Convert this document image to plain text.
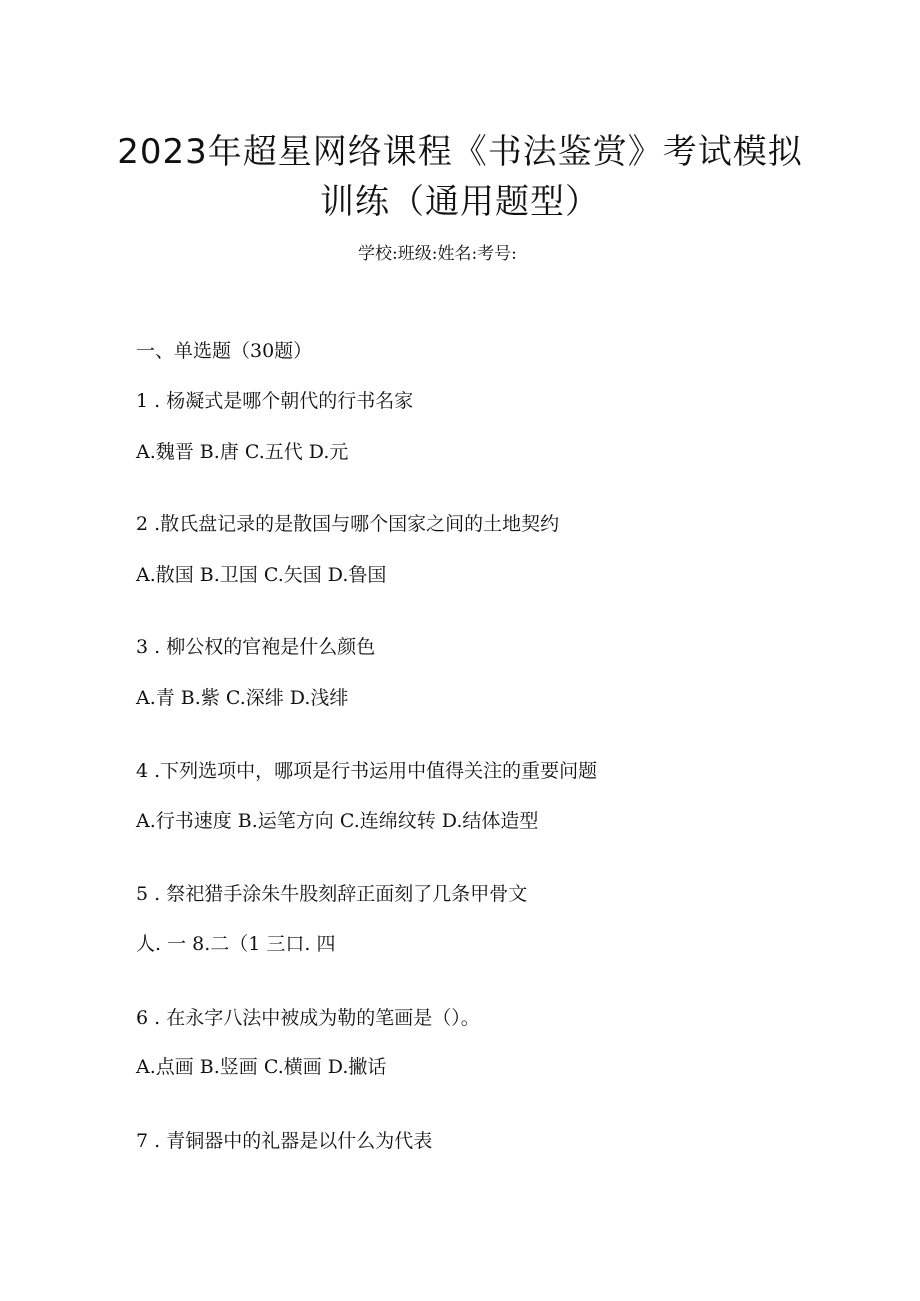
2023年超星网络课程《书法鉴赏》考试模拟
训练（通用题型）
学校:班级:姓名:考号:
一、单选题（30题）
1 . 杨凝式是哪个朝代的行书名家
A.魏晋 B.唐 C.五代 D.元
2 .散氏盘记录的是散国与哪个国家之间的土地契约
A.散国 B.卫国 C.矢国 D.鲁国
3 . 柳公权的官袍是什么颜色
A.青 B.紫 C.深绯 D.浅绯
4 .下列选项中，哪项是行书运用中值得关注的重要问题
A.行书速度 B.运笔方向 C.连绵纹转 D.结体造型
5 . 祭祀猎手涂朱牛股刻辞正面刻了几条甲骨文
人. 一 8.二（1 三口. 四
6 . 在永字八法中被成为勒的笔画是（）。
A.点画 B.竖画 C.横画 D.撇话
7 . 青铜器中的礼器是以什么为代表
